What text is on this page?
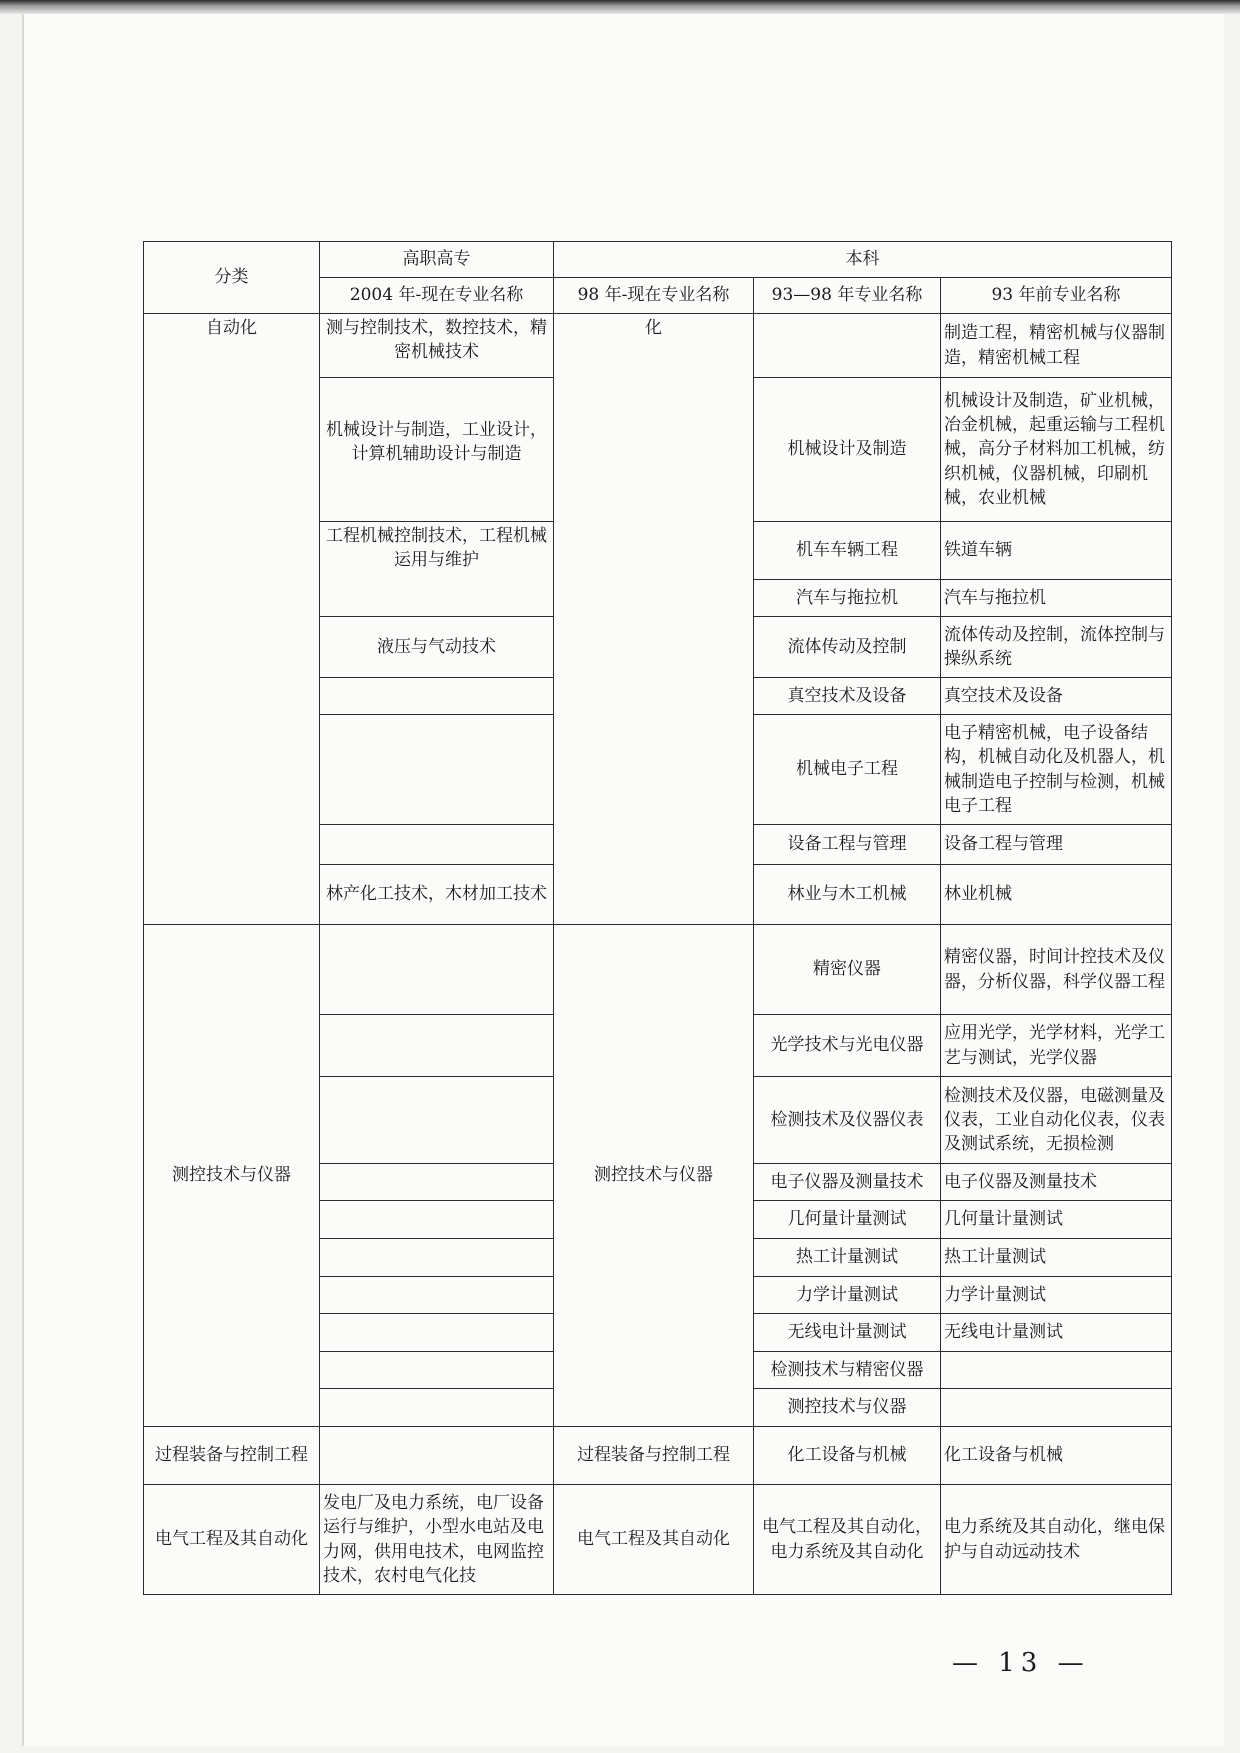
分类	高职高专	本科		
	2004 年-现在专业名称	98 年-现在专业名称	93—98 年专业名称	93 年前专业名称
自动化	测与控制技术，数控技术，精密机械技术	化		制造工程，精密机械与仪器制造，精密机械工程
	机械设计与制造，工业设计，计算机辅助设计与制造		机械设计及制造	机械设计及制造，矿业机械，冶金机械，起重运输与工程机械，高分子材料加工机械，纺织机械，仪器机械，印刷机械，农业机械
	工程机械控制技术，工程机械运用与维护		机车车辆工程	铁道车辆
			汽车与拖拉机	汽车与拖拉机
	液压与气动技术		流体传动及控制	流体传动及控制，流体控制与操纵系统
			真空技术及设备	真空技术及设备
			机械电子工程	电子精密机械，电子设备结构，机械自动化及机器人，机械制造电子控制与检测，机械电子工程
			设备工程与管理	设备工程与管理
	林产化工技术，木材加工技术		林业与木工机械	林业机械
测控技术与仪器		测控技术与仪器	精密仪器	精密仪器，时间计控技术及仪器，分析仪器，科学仪器工程
			光学技术与光电仪器	应用光学，光学材料，光学工艺与测试，光学仪器
			检测技术及仪器仪表	检测技术及仪器，电磁测量及仪表，工业自动化仪表，仪表及测试系统，无损检测
			电子仪器及测量技术	电子仪器及测量技术
			几何量计量测试	几何量计量测试
			热工计量测试	热工计量测试
			力学计量测试	力学计量测试
			无线电计量测试	无线电计量测试
			检测技术与精密仪器	
			测控技术与仪器	
过程装备与控制工程		过程装备与控制工程	化工设备与机械	化工设备与机械
电气工程及其自动化	发电厂及电力系统，电厂设备运行与维护，小型水电站及电力网，供用电技术，电网监控技术，农村电气化技	电气工程及其自动化	电气工程及其自动化，电力系统及其自动化	电力系统及其自动化，继电保护与自动远动技术
— 13 —
